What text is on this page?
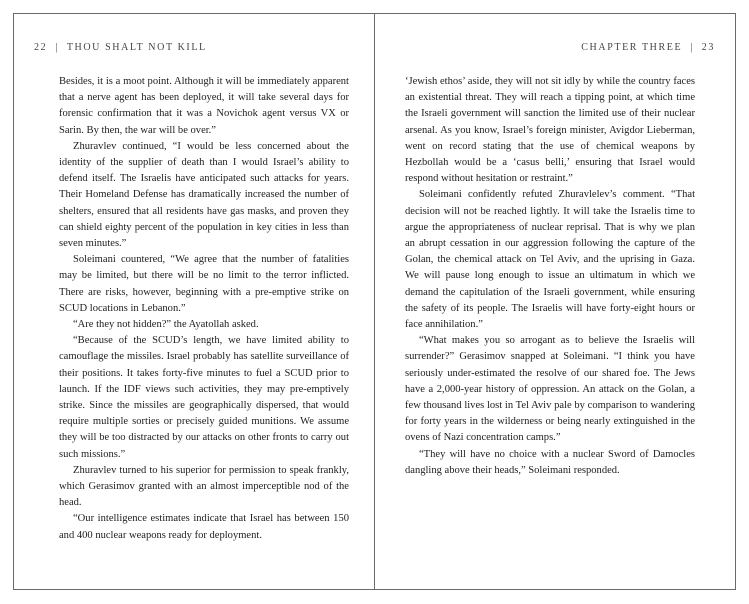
22 | THOU SHALT NOT KILL

Besides, it is a moot point. Although it will be immediately apparent that a nerve agent has been deployed, it will take several days for forensic confirmation that it was a Novichok agent versus VX or Sarin. By then, the war will be over.”

Zhuravlev continued, “I would be less concerned about the identity of the supplier of death than I would Israel’s ability to defend itself. The Israelis have anticipated such attacks for years. Their Homeland Defense has dramatically increased the number of shelters, ensured that all residents have gas masks, and proven they can shield eighty percent of the population in key cities in less than seven minutes.”

Soleimani countered, “We agree that the number of fatalities may be limited, but there will be no limit to the terror inflicted. There are risks, however, beginning with a pre-emptive strike on SCUD locations in Lebanon.”

“Are they not hidden?” the Ayatollah asked.

“Because of the SCUD’s length, we have limited ability to camouflage the missiles. Israel probably has satellite surveillance of their positions. It takes forty-five minutes to fuel a SCUD prior to launch. If the IDF views such activities, they may pre-emptively strike. Since the missiles are geographically dispersed, that would require multiple sorties or precisely guided munitions. We assume they will be too distracted by our attacks on other fronts to carry out such missions.”

Zhuravlev turned to his superior for permission to speak frankly, which Gerasimov granted with an almost imperceptible nod of the head.

“Our intelligence estimates indicate that Israel has between 150 and 400 nuclear weapons ready for deployment.

CHAPTER THREE | 23

‘Jewish ethos’ aside, they will not sit idly by while the country faces an existential threat. They will reach a tipping point, at which time the Israeli government will sanction the limited use of their nuclear arsenal. As you know, Israel’s foreign minister, Avigdor Lieberman, went on record stating that the use of chemical weapons by Hezbollah would be a ‘casus belli,’ ensuring that Israel would respond without hesitation or restraint.”

Soleimani confidently refuted Zhuravlelev’s comment. “That decision will not be reached lightly. It will take the Israelis time to argue the appropriateness of nuclear reprisal. That is why we plan an abrupt cessation in our aggression following the capture of the Golan, the chemical attack on Tel Aviv, and the uprising in Gaza. We will pause long enough to issue an ultimatum in which we demand the capitulation of the Israeli government, while ensuring the safety of its people. The Israelis will have forty-eight hours or face annihilation.”

“What makes you so arrogant as to believe the Israelis will surrender?” Gerasimov snapped at Soleimani. “I think you have seriously under-estimated the resolve of our shared foe. The Jews have a 2,000-year history of oppression. An attack on the Golan, a few thousand lives lost in Tel Aviv pale by comparison to wandering for forty years in the wilderness or being nearly extinguished in the ovens of Nazi concentration camps.”

“They will have no choice with a nuclear Sword of Damocles dangling above their heads,” Soleimani responded.
